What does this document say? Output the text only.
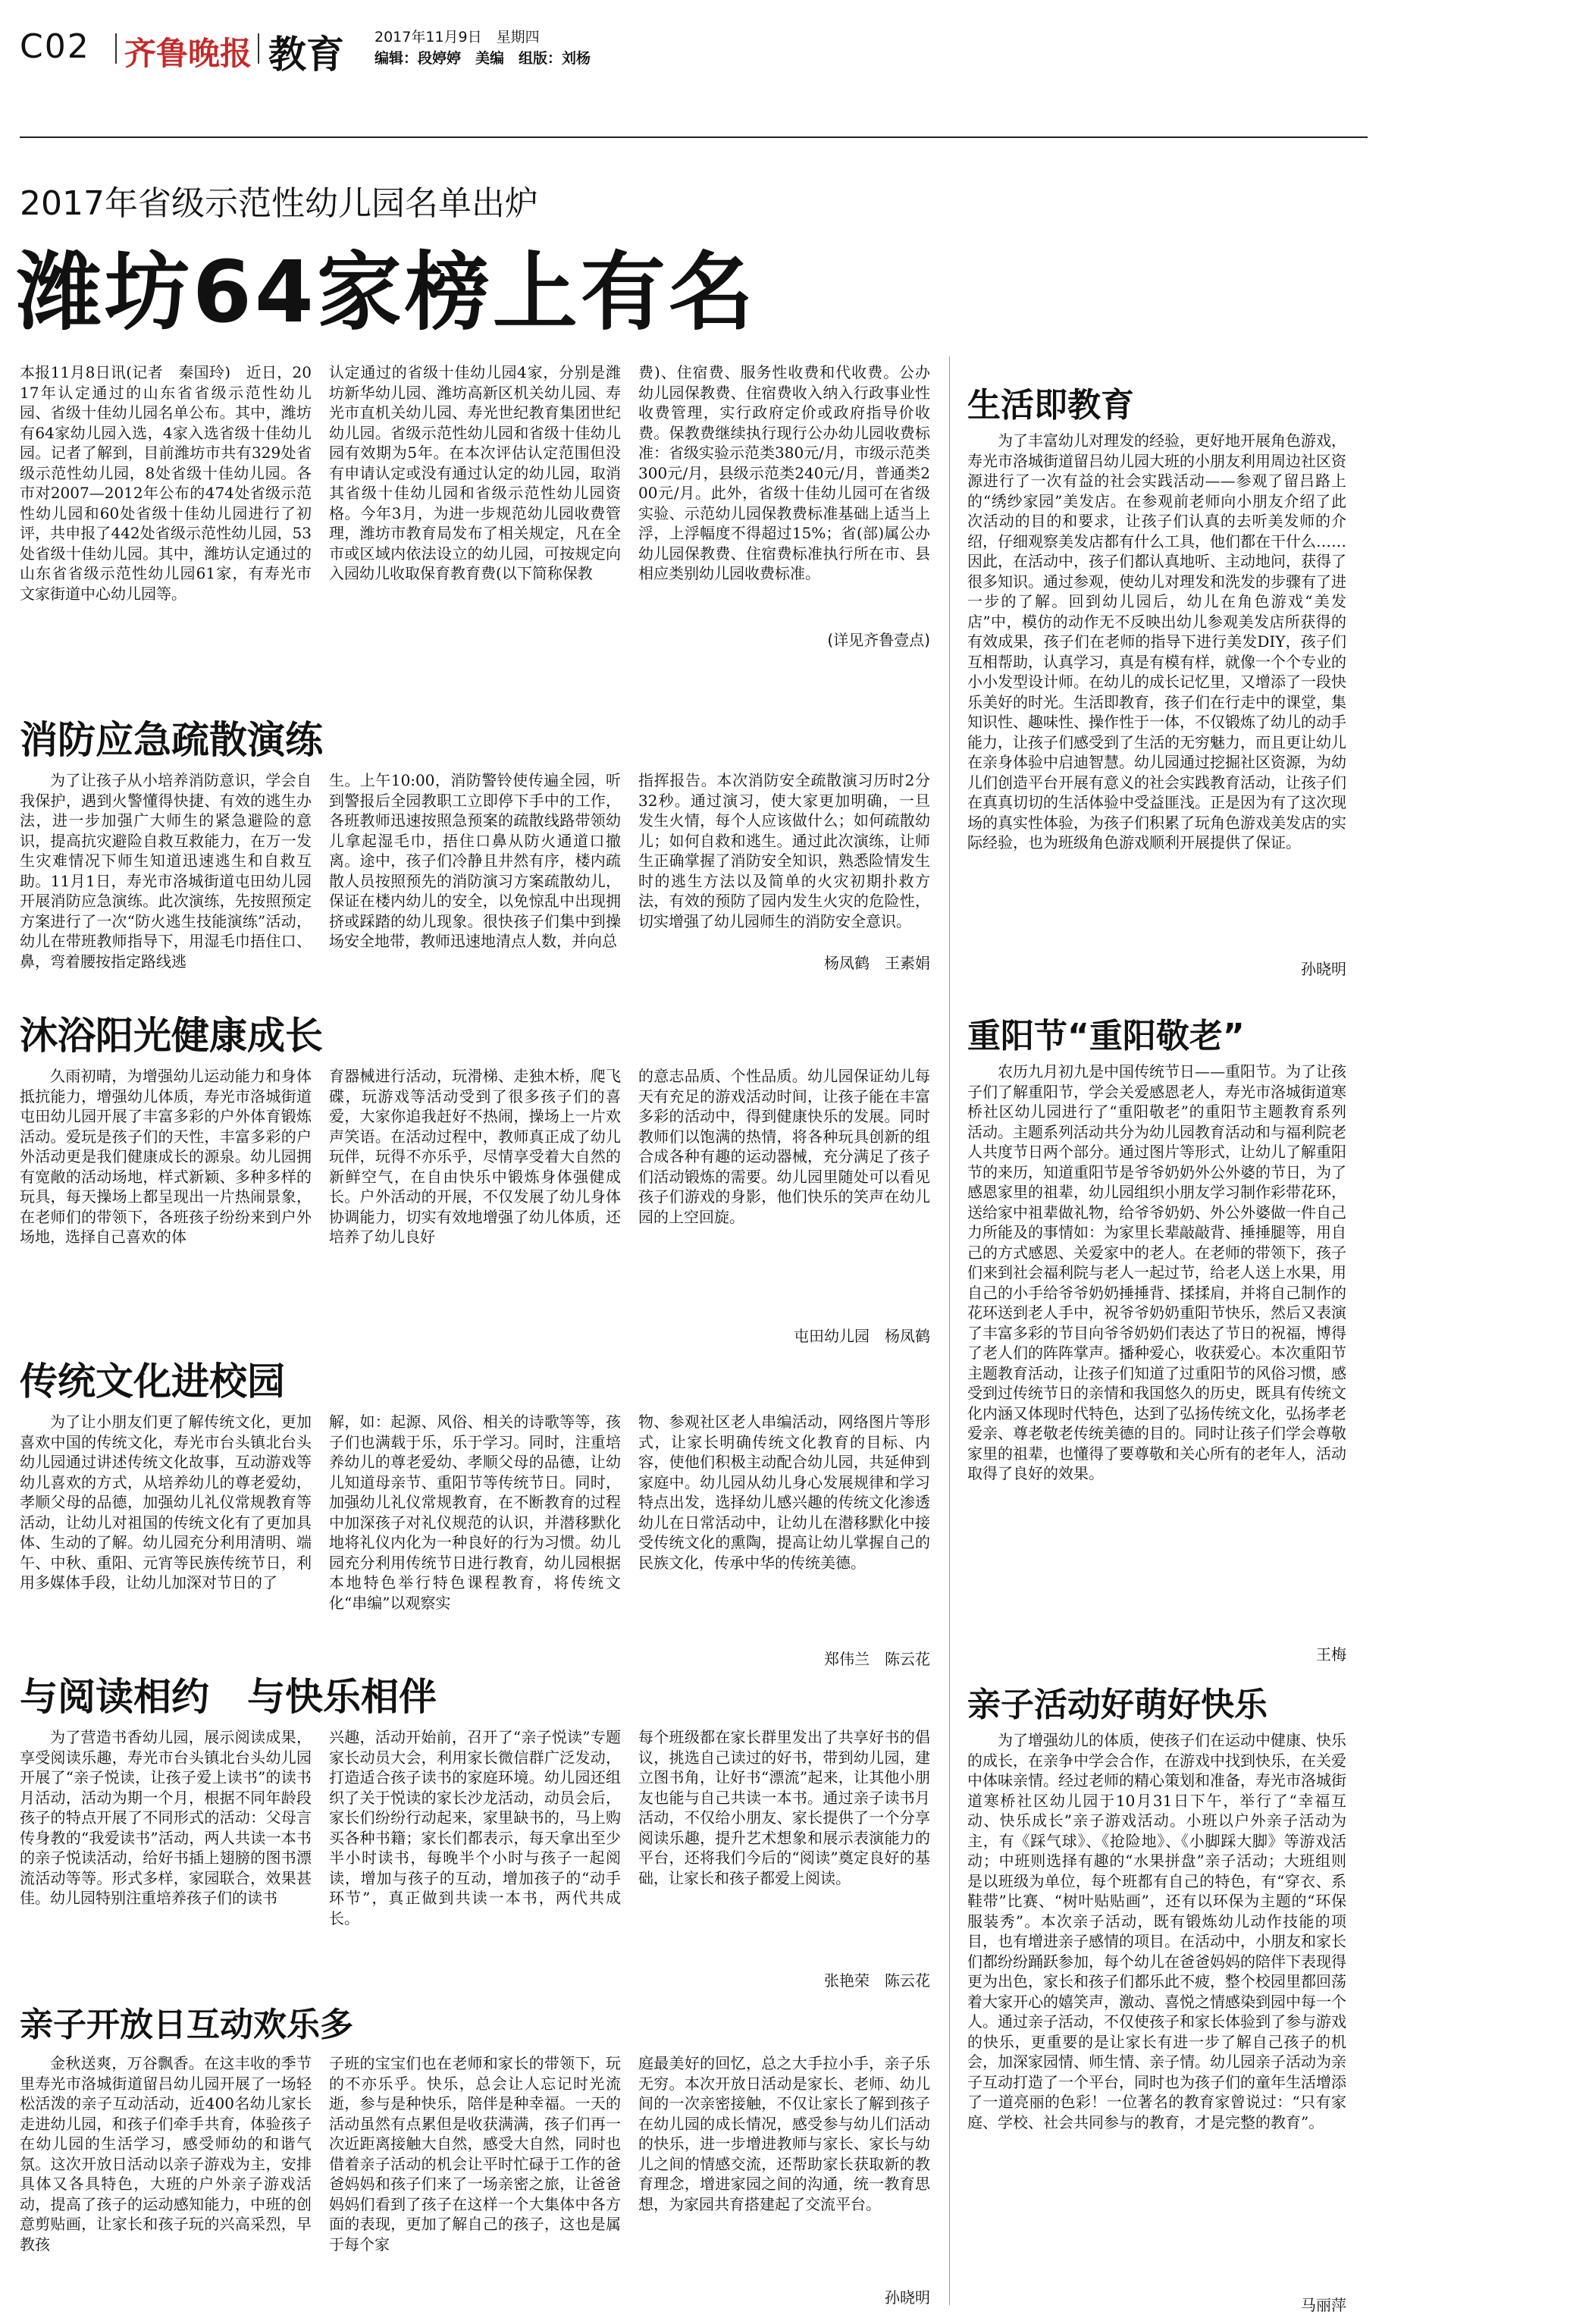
C02 齐鲁晚报 教育 2017年11月9日　星期四
编辑：段婷婷　美编　组版：刘杨
2017年省级示范性幼儿园名单出炉
潍坊64家榜上有名
本报11月8日讯(记者　秦国玲)　近日，2017年认定通过的山东省省级示范性幼儿园、省级十佳幼儿园名单公布。其中，潍坊有64家幼儿园入选，4家入选省级十佳幼儿园。记者了解到，目前潍坊市共有329处省级示范性幼儿园，8处省级十佳幼儿园。各市对2007—2012年公布的474处省级示范性幼儿园和60处省级十佳幼儿园进行了初评，共申报了442处省级示范性幼儿园，53处省级十佳幼儿园。其中，潍坊认定通过的山东省省级示范性幼儿园61家，有寿光市文家街道中心幼儿园等。
认定通过的省级十佳幼儿园4家，分别是潍坊新华幼儿园、潍坊高新区机关幼儿园、寿光市直机关幼儿园、寿光世纪教育集团世纪幼儿园。省级示范性幼儿园和省级十佳幼儿园有效期为5年。在本次评估认定范围但没有申请认定或没有通过认定的幼儿园，取消其省级十佳幼儿园和省级示范性幼儿园资格。今年3月，为进一步规范幼儿园收费管理，潍坊市教育局发布了相关规定，凡在全市或区域内依法设立的幼儿园，可按规定向入园幼儿收取保育教育费(以下简称保教
费)、住宿费、服务性收费和代收费。公办幼儿园保教费、住宿费收入纳入行政事业性收费管理，实行政府定价或政府指导价收费。保教费继续执行现行公办幼儿园收费标准：省级实验示范类380元/月，市级示范类300元/月，县级示范类240元/月，普通类200元/月。此外，省级十佳幼儿园可在省级实验、示范幼儿园保教费标准基础上适当上浮，上浮幅度不得超过15%；省(部)属公办幼儿园保教费、住宿费标准执行所在市、县相应类别幼儿园收费标准。
(详见齐鲁壹点)
消防应急疏散演练
为了让孩子从小培养消防意识，学会自我保护，遇到火警懂得快捷、有效的逃生办法，进一步加强广大师生的紧急避险的意识，提高抗灾避险自救互救能力，在万一发生灾难情况下师生知道迅速逃生和自救互助。11月1日，寿光市洛城街道屯田幼儿园开展消防应急演练。此次演练，先按照预定方案进行了一次“防火逃生技能演练”活动，幼儿在带班教师指导下，用湿毛巾捂住口、鼻，弯着腰按指定路线逃
生。上午10:00，消防警铃使传遍全园，听到警报后全园教职工立即停下手中的工作，各班教师迅速按照急预案的疏散线路带领幼儿拿起湿毛巾，捂住口鼻从防火通道口撤离。途中，孩子们冷静且井然有序，楼内疏散人员按照预先的消防演习方案疏散幼儿，保证在楼内幼儿的安全，以免惊乱中出现拥挤或踩踏的幼儿现象。很快孩子们集中到操场安全地带，教师迅速地清点人数，并向总
指挥报告。本次消防安全疏散演习历时2分32秒。通过演习，使大家更加明确，一旦发生火情，每个人应该做什么；如何疏散幼儿；如何自救和逃生。通过此次演练，让师生正确掌握了消防安全知识，熟悉险情发生时的逃生方法以及简单的火灾初期扑救方法，有效的预防了园内发生火灾的危险性，切实增强了幼儿园师生的消防安全意识。
杨凤鹤　王素娟
沐浴阳光健康成长
久雨初晴，为增强幼儿运动能力和身体抵抗能力，增强幼儿体质，寿光市洛城街道屯田幼儿园开展了丰富多彩的户外体育锻炼活动。爱玩是孩子们的天性，丰富多彩的户外活动更是我们健康成长的源泉。幼儿园拥有宽敞的活动场地，样式新颖、多种多样的玩具，每天操场上都呈现出一片热闹景象，在老师们的带领下，各班孩子纷纷来到户外场地，选择自己喜欢的体
育器械进行活动，玩滑梯、走独木桥，爬飞碟，玩游戏等活动受到了很多孩子们的喜爱，大家你追我赶好不热闹，操场上一片欢声笑语。在活动过程中，教师真正成了幼儿玩伴，玩得不亦乐乎，尽情享受着大自然的新鲜空气，在自由快乐中锻炼身体强健成长。户外活动的开展，不仅发展了幼儿身体协调能力，切实有效地增强了幼儿体质，还培养了幼儿良好
的意志品质、个性品质。幼儿园保证幼儿每天有充足的游戏活动时间，让孩子能在丰富多彩的活动中，得到健康快乐的发展。同时教师们以饱满的热情，将各种玩具创新的组合成各种有趣的运动器械，充分满足了孩子们活动锻炼的需要。幼儿园里随处可以看见孩子们游戏的身影，他们快乐的笑声在幼儿园的上空回旋。
屯田幼儿园　杨凤鹤
传统文化进校园
为了让小朋友们更了解传统文化，更加喜欢中国的传统文化，寿光市台头镇北台头幼儿园通过讲述传统文化故事，互动游戏等幼儿喜欢的方式，从培养幼儿的尊老爱幼，孝顺父母的品德，加强幼儿礼仪常规教育等活动，让幼儿对祖国的传统文化有了更加具体、生动的了解。幼儿园充分利用清明、端午、中秋、重阳、元宵等民族传统节日，利用多媒体手段，让幼儿加深对节日的了
解，如：起源、风俗、相关的诗歌等等，孩子们也满载于乐，乐于学习。同时，注重培养幼儿的尊老爱幼、孝顺父母的品德，让幼儿知道母亲节、重阳节等传统节日。同时，加强幼儿礼仪常规教育，在不断教育的过程中加深孩子对礼仪规范的认识，并潜移默化地将礼仪内化为一种良好的行为习惯。幼儿园充分利用传统节日进行教育，幼儿园根据本地特色举行特色课程教育，将传统文化“串编”以观察实
物、参观社区老人串编活动，网络图片等形式，让家长明确传统文化教育的目标、内容，使他们积极主动配合幼儿园，共延伸到家庭中。幼儿园从幼儿身心发展规律和学习特点出发，选择幼儿感兴趣的传统文化渗透幼儿在日常活动中，让幼儿在潜移默化中接受传统文化的熏陶，提高让幼儿掌握自己的民族文化，传承中华的传统美德。
郑伟兰　陈云花
与阅读相约　与快乐相伴
为了营造书香幼儿园，展示阅读成果，享受阅读乐趣，寿光市台头镇北台头幼儿园开展了“亲子悦读，让孩子爱上读书”的读书月活动，活动为期一个月，根据不同年龄段孩子的特点开展了不同形式的活动：父母言传身教的“我爱读书”活动，两人共读一本书的亲子悦读活动，给好书插上翅膀的图书漂流活动等等。形式多样，家园联合，效果甚佳。幼儿园特别注重培养孩子们的读书
兴趣，活动开始前，召开了“亲子悦读”专题家长动员大会，利用家长微信群广泛发动，打造适合孩子读书的家庭环境。幼儿园还组织了关于悦读的家长沙龙活动，动员会后，家长们纷纷行动起来，家里缺书的，马上购买各种书籍；家长们都表示，每天拿出至少半小时读书，每晚半个小时与孩子一起阅读，增加与孩子的互动，增加孩子的“动手环节”，真正做到共读一本书，两代共成长。
每个班级都在家长群里发出了共享好书的倡议，挑选自己读过的好书，带到幼儿园，建立图书角，让好书“漂流”起来，让其他小朋友也能与自己共读一本书。通过亲子读书月活动，不仅给小朋友、家长提供了一个分享阅读乐趣，提升艺术想象和展示表演能力的平台，还将我们今后的“阅读”奠定良好的基础，让家长和孩子都爱上阅读。
张艳荣　陈云花
亲子开放日互动欢乐多
金秋送爽，万谷飘香。在这丰收的季节里寿光市洛城街道留吕幼儿园开展了一场轻松活泼的亲子互动活动，近400名幼儿家长走进幼儿园，和孩子们牵手共育，体验孩子在幼儿园的生活学习，感受师幼的和谐气氛。这次开放日活动以亲子游戏为主，安排具体又各具特色，大班的户外亲子游戏活动，提高了孩子的运动感知能力，中班的创意剪贴画，让家长和孩子玩的兴高采烈，早教孩
子班的宝宝们也在老师和家长的带领下，玩的不亦乐乎。快乐，总会让人忘记时光流逝，参与是种快乐，陪伴是种幸福。一天的活动虽然有点累但是收获满满，孩子们再一次近距离接触大自然，感受大自然，同时也借着亲子活动的机会让平时忙碌于工作的爸爸妈妈和孩子们来了一场亲密之旅，让爸爸妈妈们看到了孩子在这样一个大集体中各方面的表现，更加了解自己的孩子，这也是属于每个家
庭最美好的回忆，总之大手拉小手，亲子乐无穷。本次开放日活动是家长、老师、幼儿间的一次亲密接触，不仅让家长了解到孩子在幼儿园的成长情况，感受参与幼儿们活动的快乐，进一步增进教师与家长、家长与幼儿之间的情感交流，还帮助家长获取新的教育理念，增进家园之间的沟通，统一教育思想，为家园共育搭建起了交流平台。
孙晓明
生活即教育
为了丰富幼儿对理发的经验，更好地开展角色游戏，寿光市洛城街道留吕幼儿园大班的小朋友利用周边社区资源进行了一次有益的社会实践活动——参观了留吕路上的“绣纱家园”美发店。在参观前老师向小朋友介绍了此次活动的目的和要求，让孩子们认真的去听美发师的介绍，仔细观察美发店都有什么工具，他们都在干什么……因此，在活动中，孩子们都认真地听、主动地问，获得了很多知识。通过参观，使幼儿对理发和洗发的步骤有了进一步的了解。回到幼儿园后，幼儿在角色游戏“美发店”中，模仿的动作无不反映出幼儿参观美发店所获得的有效成果，孩子们在老师的指导下进行美发DIY，孩子们互相帮助，认真学习，真是有模有样，就像一个个专业的小小发型设计师。在幼儿的成长记忆里，又增添了一段快乐美好的时光。生活即教育，孩子们在行走中的课堂，集知识性、趣味性、操作性于一体，不仅锻炼了幼儿的动手能力，让孩子们感受到了生活的无穷魅力，而且更让幼儿在亲身体验中启迪智慧。幼儿园通过挖掘社区资源，为幼儿们创造平台开展有意义的社会实践教育活动，让孩子们在真真切切的生活体验中受益匪浅。正是因为有了这次现场的真实性体验，为孩子们积累了玩角色游戏美发店的实际经验，也为班级角色游戏顺利开展提供了保证。
孙晓明
重阳节“重阳敬老”
农历九月初九是中国传统节日——重阳节。为了让孩子们了解重阳节，学会关爱感恩老人，寿光市洛城街道寒桥社区幼儿园进行了“重阳敬老”的重阳节主题教育系列活动。主题系列活动共分为幼儿园教育活动和与福利院老人共度节日两个部分。通过图片等形式，让幼儿了解重阳节的来历，知道重阳节是爷爷奶奶外公外婆的节日，为了感恩家里的祖辈，幼儿园组织小朋友学习制作彩带花环，送给家中祖辈做礼物，给爷爷奶奶、外公外婆做一件自己力所能及的事情如：为家里长辈敲敲背、捶捶腿等，用自己的方式感恩、关爱家中的老人。在老师的带领下，孩子们来到社会福利院与老人一起过节，给老人送上水果，用自己的小手给爷爷奶奶捶捶背、揉揉肩，并将自己制作的花环送到老人手中，祝爷爷奶奶重阳节快乐，然后又表演了丰富多彩的节目向爷爷奶奶们表达了节日的祝福，博得了老人们的阵阵掌声。播种爱心，收获爱心。本次重阳节主题教育活动，让孩子们知道了过重阳节的风俗习惯，感受到过传统节日的亲情和我国悠久的历史，既具有传统文化内涵又体现时代特色，达到了弘扬传统文化，弘扬孝老爱亲、尊老敬老传统美德的目的。同时让孩子们学会尊敬家里的祖辈，也懂得了要尊敬和关心所有的老年人，活动取得了良好的效果。
王梅
亲子活动好萌好快乐
为了增强幼儿的体质，使孩子们在运动中健康、快乐的成长，在亲争中学会合作，在游戏中找到快乐，在关爱中体味亲情。经过老师的精心策划和准备，寿光市洛城街道寒桥社区幼儿园于10月31日下午，举行了“幸福互动、快乐成长”亲子游戏活动。小班以户外亲子活动为主，有《踩气球》、《抢险地》、《小脚踩大脚》等游戏活动；中班则选择有趣的“水果拼盘”亲子活动；大班组则是以班级为单位，每个班都有自己的特色，有“穿衣、系鞋带”比赛、“树叶贴贴画”，还有以环保为主题的“环保服装秀”。本次亲子活动，既有锻炼幼儿动作技能的项目，也有增进亲子感情的项目。在活动中，小朋友和家长们都纷纷踊跃参加，每个幼儿在爸爸妈妈的陪伴下表现得更为出色，家长和孩子们都乐此不疲，整个校园里都回荡着大家开心的嬉笑声，激动、喜悦之情感染到园中每一个人。通过亲子活动，不仅使孩子和家长体验到了参与游戏的快乐，更重要的是让家长有进一步了解自己孩子的机会，加深家园情、师生情、亲子情。幼儿园亲子活动为亲子互动打造了一个平台，同时也为孩子们的童年生活增添了一道亮丽的色彩！一位著名的教育家曾说过：“只有家庭、学校、社会共同参与的教育，才是完整的教育”。
马丽萍
